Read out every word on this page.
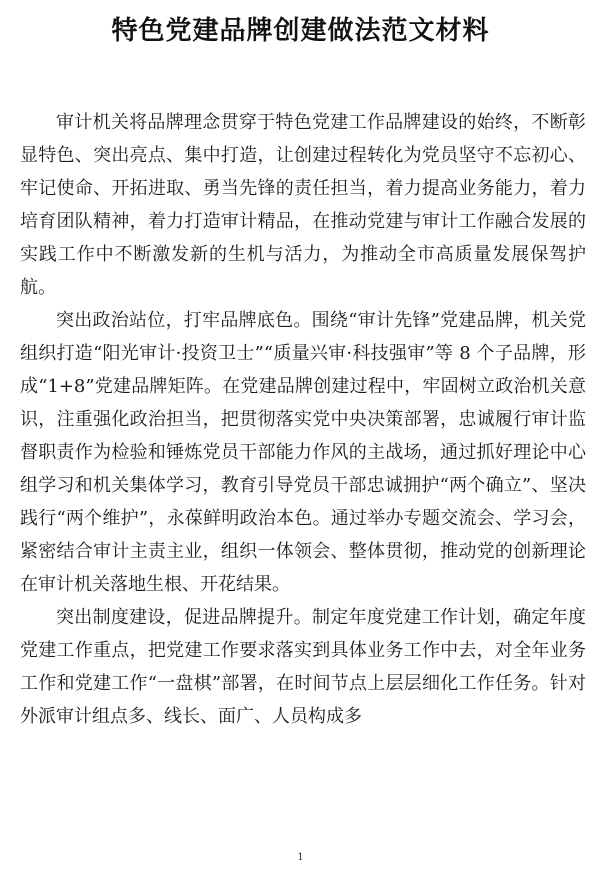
特色党建品牌创建做法范文材料

审计机关将品牌理念贯穿于特色党建工作品牌建设的始终，不断彰显特色、突出亮点、集中打造，让创建过程转化为党员坚守不忘初心、牢记使命、开拓进取、勇当先锋的责任担当，着力提高业务能力，着力培育团队精神，着力打造审计精品，在推动党建与审计工作融合发展的实践工作中不断激发新的生机与活力，为推动全市高质量发展保驾护航。

突出政治站位，打牢品牌底色。围绕“审计先锋”党建品牌，机关党组织打造“阳光审计·投资卫士”“质量兴审·科技强审”等 8 个子品牌，形成“1+8”党建品牌矩阵。在党建品牌创建过程中，牢固树立政治机关意识，注重强化政治担当，把贯彻落实党中央决策部署，忠诚履行审计监督职责作为检验和锤炼党员干部能力作风的主战场，通过抓好理论中心组学习和机关集体学习，教育引导党员干部忠诚拥护“两个确立”、坚决践行“两个维护”，永葆鲜明政治本色。通过举办专题交流会、学习会，紧密结合审计主责主业，组织一体领会、整体贯彻，推动党的创新理论在审计机关落地生根、开花结果。

突出制度建设，促进品牌提升。制定年度党建工作计划，确定年度党建工作重点，把党建工作要求落实到具体业务工作中去，对全年业务工作和党建工作“一盘棋”部署，在时间节点上层层细化工作任务。针对外派审计组点多、线长、面广、人员构成多

1
